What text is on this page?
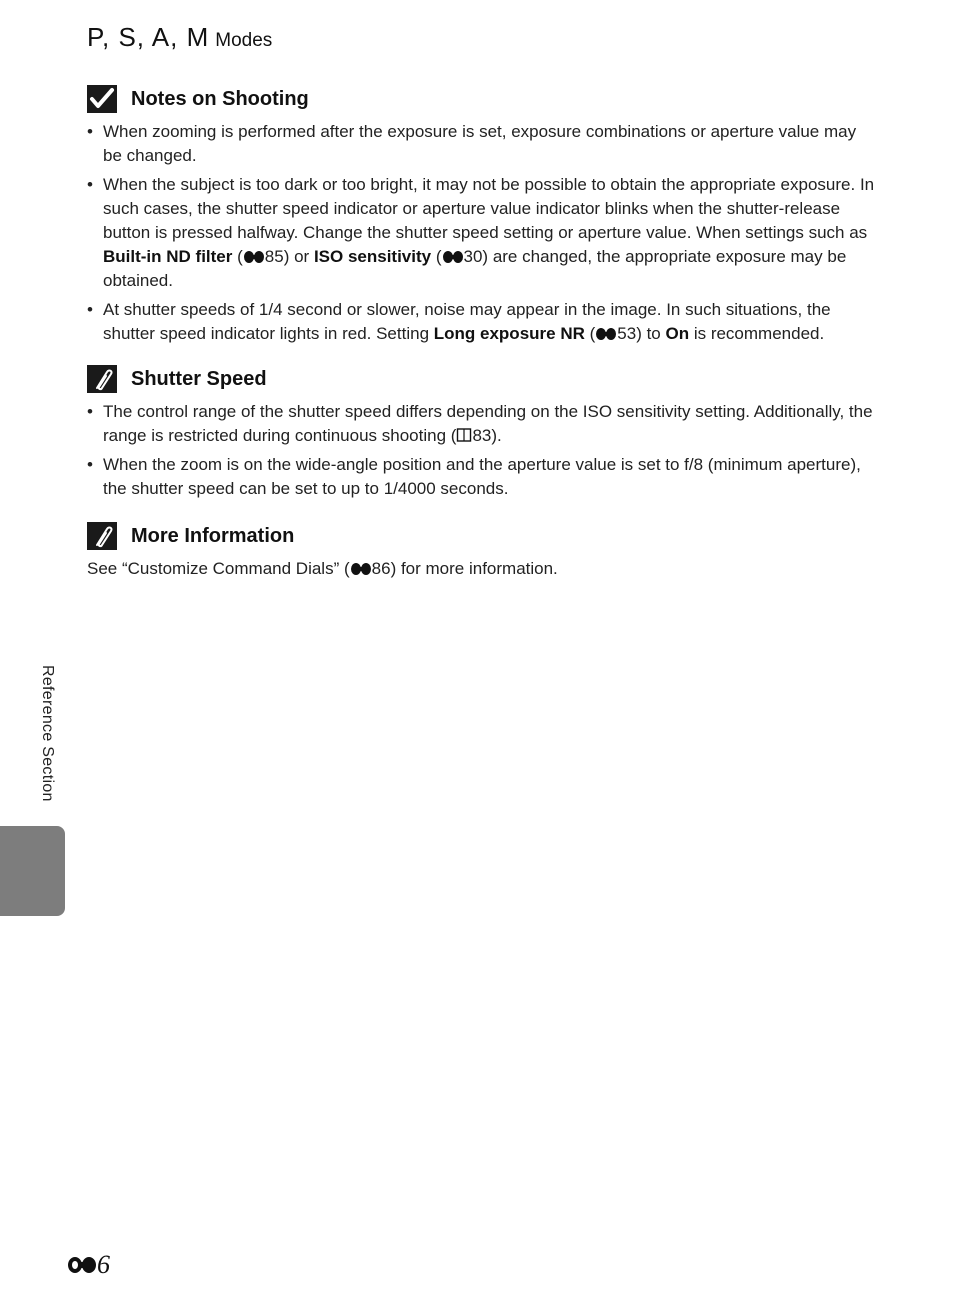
P, S, A, M Modes
Notes on Shooting
• When zooming is performed after the exposure is set, exposure combinations or aperture value may be changed.
• When the subject is too dark or too bright, it may not be possible to obtain the appropriate exposure. In such cases, the shutter speed indicator or aperture value indicator blinks when the shutter-release button is pressed halfway. Change the shutter speed setting or aperture value. When settings such as Built-in ND filter ( 85) or ISO sensitivity ( 30) are changed, the appropriate exposure may be obtained.
• At shutter speeds of 1/4 second or slower, noise may appear in the image. In such situations, the shutter speed indicator lights in red. Setting Long exposure NR ( 53) to On is recommended.
Shutter Speed
• The control range of the shutter speed differs depending on the ISO sensitivity setting. Additionally, the range is restricted during continuous shooting ( 83).
• When the zoom is on the wide-angle position and the aperture value is set to f/8 (minimum aperture), the shutter speed can be set to up to 1/4000 seconds.
More Information

See “Customize Command Dials” ( 86) for more information.

Reference Section
6
